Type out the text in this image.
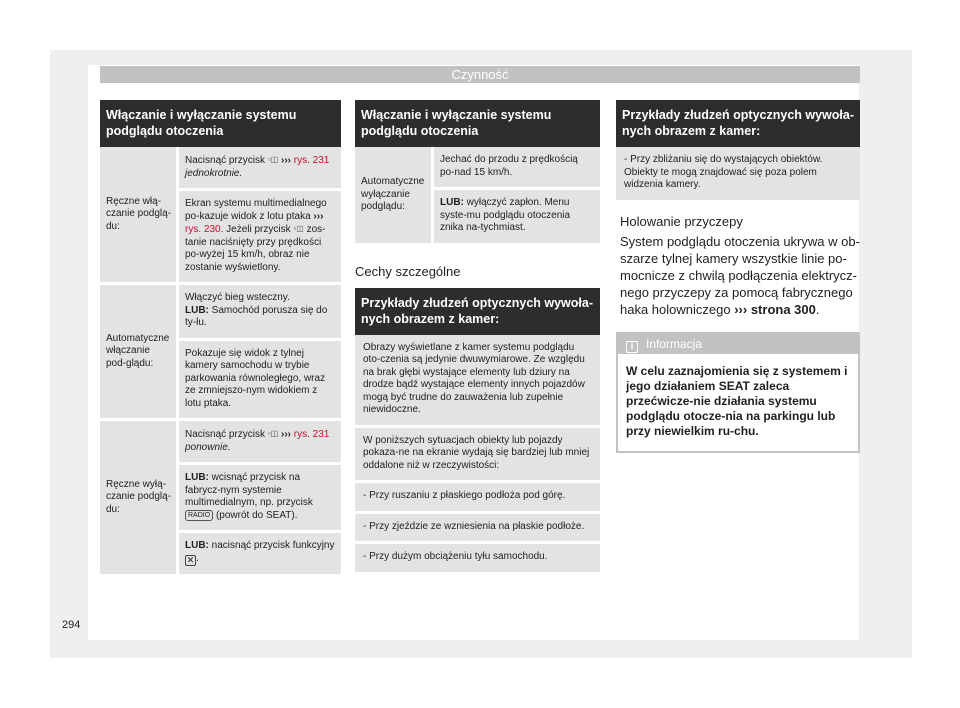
Czynność
Włączanie i wyłączanie systemu podglądu otoczenia
Ręczne włą-czanie podglą-du:	Nacisnąć przycisk ▫◫ ››› rys. 231
jednokrotnie.
	Ekran systemu multimedialnego po-kazuje widok z lotu ptaka ››› rys. 230. Jeżeli przycisk ▫◫ zos-tanie naciśnięty przy prędkości po-wyżej 15 km/h, obraz nie zostanie wyświetlony.
Automatyczne włączanie pod-glądu:	Włączyć bieg wsteczny.
LUB: Samochód porusza się do ty-łu.
	Pokazuje się widok z tylnej kamery samochodu w trybie parkowania równoległego, wraz ze zmniejszo-nym widokiem z lotu ptaka.
Ręczne wyłą-czanie podglą-du:	Nacisnąć przycisk ▫◫ ››› rys. 231
ponownie.
	LUB: wcisnąć przycisk na fabrycz-nym systemie multimedialnym, np. przycisk RADIO (powrót do SEAT).
	LUB: nacisnąć przycisk funkcyjny
✕ .
Włączanie i wyłączanie systemu podglądu otoczenia
Automatyczne wyłączanie podglądu:	Jechać do przodu z prędkością po-nad 15 km/h.
LUB: wyłączyć zapłon. Menu syste-mu podglądu otoczenia znika na-tychmiast.
Cechy szczególne
Przykłady złudzeń optycznych wywoła-nych obrazem z kamer:
Obrazy wyświetlane z kamer systemu podglądu oto-czenia są jedynie dwuwymiarowe. Ze względu na brak głębi wystające elementy lub dziury na drodze bądź wystające elementy innych pojazdów mogą być trudne do zauważenia lub zupełnie niewidoczne.
W poniższych sytuacjach obiekty lub pojazdy pokaza-ne na ekranie wydają się bardziej lub mniej oddalone niż w rzeczywistości:
- Przy ruszaniu z płaskiego podłoża pod górę.
- Przy zjeździe ze wzniesienia na płaskie podłoże.
- Przy dużym obciążeniu tyłu samochodu.
Przykłady złudzeń optycznych wywoła-nych obrazem z kamer:
- Przy zbliżaniu się do wystających obiektów. Obiekty te mogą znajdować się poza polem widzenia kamery.
Holowanie przyczepy
System podglądu otoczenia ukrywa w ob-szarze tylnej kamery wszystkie linie po-mocnicze z chwilą podłączenia elektrycz-nego przyczepy za pomocą fabrycznego haka holowniczego ››› strona 300.
i Informacja
W celu zaznajomienia się z systemem i jego działaniem SEAT zaleca przećwicze-nie działania systemu podglądu otocze-nia na parkingu lub przy niewielkim ru-chu.
294
